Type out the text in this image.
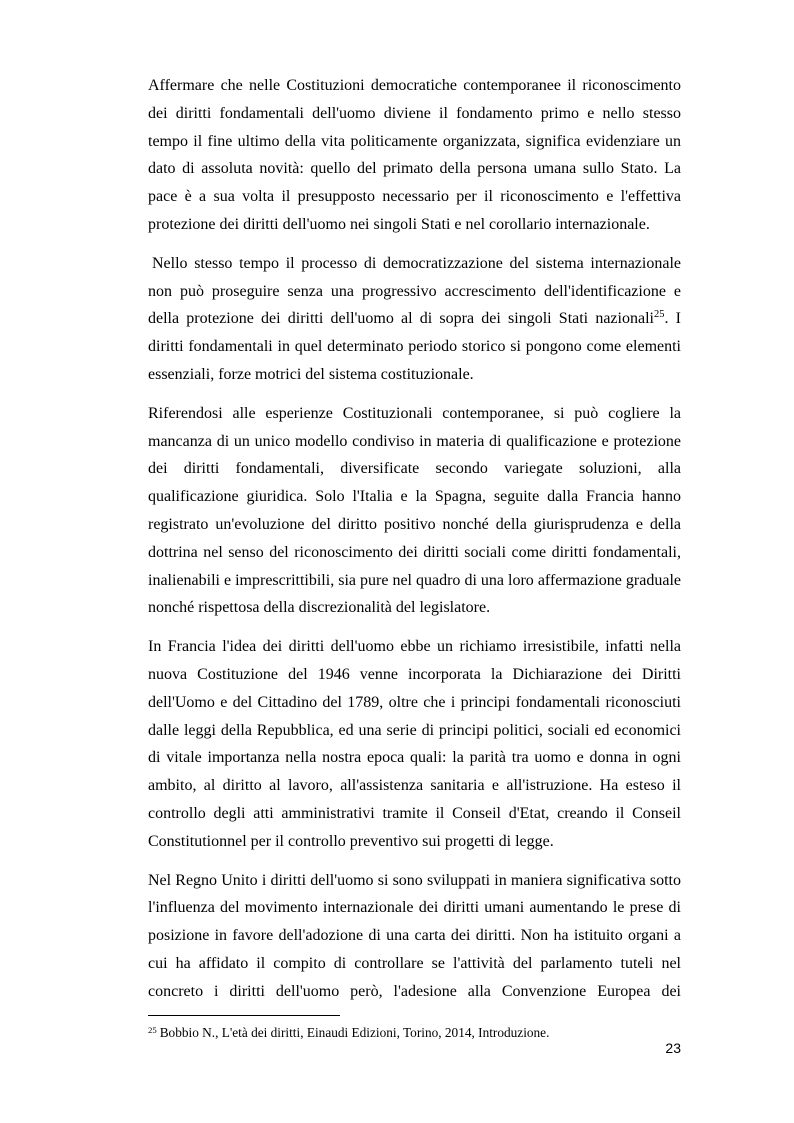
Affermare che nelle Costituzioni democratiche contemporanee il riconoscimento dei diritti fondamentali dell'uomo diviene il fondamento primo e nello stesso tempo il fine ultimo della vita politicamente organizzata, significa evidenziare un dato di assoluta novità: quello del primato della persona umana sullo Stato. La pace è a sua volta il presupposto necessario per il riconoscimento e l'effettiva protezione dei diritti dell'uomo nei singoli Stati e nel corollario internazionale.

Nello stesso tempo il processo di democratizzazione del sistema internazionale non può proseguire senza una progressivo accrescimento dell'identificazione e della protezione dei diritti dell'uomo al di sopra dei singoli Stati nazionali$^{25}$. I diritti fondamentali in quel determinato periodo storico si pongono come elementi essenziali, forze motrici del sistema costituzionale.

Riferendosi alle esperienze Costituzionali contemporanee, si può cogliere la mancanza di un unico modello condiviso in materia di qualificazione e protezione dei diritti fondamentali, diversificate secondo variegate soluzioni, alla qualificazione giuridica. Solo l'Italia e la Spagna, seguite dalla Francia hanno registrato un'evoluzione del diritto positivo nonché della giurisprudenza e della dottrina nel senso del riconoscimento dei diritti sociali come diritti fondamentali, inalienabili e imprescrittibili, sia pure nel quadro di una loro affermazione graduale nonché rispettosa della discrezionalità del legislatore.

In Francia l'idea dei diritti dell'uomo ebbe un richiamo irresistibile, infatti nella nuova Costituzione del 1946 venne incorporata la Dichiarazione dei Diritti dell'Uomo e del Cittadino del 1789, oltre che i principi fondamentali riconosciuti dalle leggi della Repubblica, ed una serie di principi politici, sociali ed economici di vitale importanza nella nostra epoca quali: la parità tra uomo e donna in ogni ambito, al diritto al lavoro, all'assistenza sanitaria e all'istruzione. Ha esteso il controllo degli atti amministrativi tramite il Conseil d'Etat, creando il Conseil Constitutionnel per il controllo preventivo sui progetti di legge.

Nel Regno Unito i diritti dell'uomo si sono sviluppati in maniera significativa sotto l'influenza del movimento internazionale dei diritti umani aumentando le prese di posizione in favore dell'adozione di una carta dei diritti. Non ha istituito organi a cui ha affidato il compito di controllare se l'attività del parlamento tuteli nel concreto i diritti dell'uomo però, l'adesione alla Convenzione Europea dei

$^{25}$ Bobbio N., L'età dei diritti, Einaudi Edizioni, Torino, 2014, Introduzione.
23
